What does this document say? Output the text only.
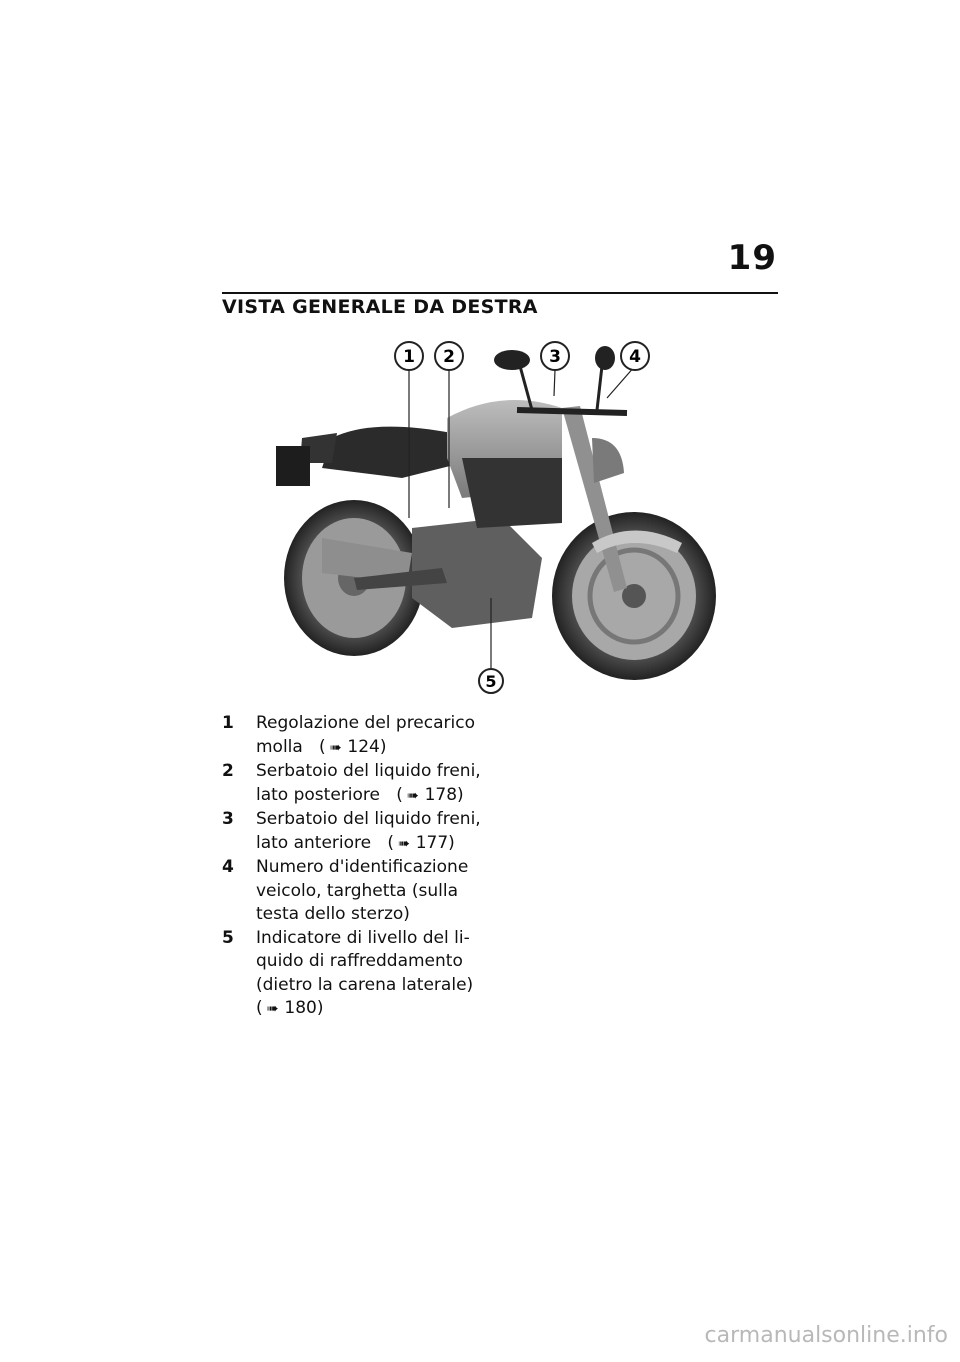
19
VISTA GENERALE DA DESTRA
1 2	3	4
5
1	Regolazione del precarico
molla ( ➠ 124)
2	Serbatoio del liquido freni,
lato posteriore ( ➠ 178)
3	Serbatoio del liquido freni,
lato anteriore ( ➠ 177)
4	Numero d'identificazione
veicolo, targhetta (sulla
testa dello sterzo)
5	Indicatore di livello del li-
quido di raffreddamento
(dietro la carena laterale)
( ➠ 180)
carmanualsonline.info
